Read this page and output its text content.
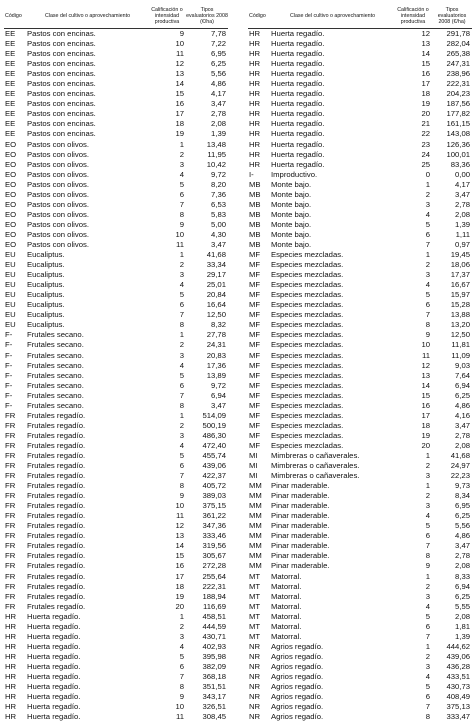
Código	Clase del cultivo o aprovechamiento	Calificación o intensidad productiva	Tipos evaluatorios 2008 (€/ha)
EE	Pastos con encinas.	9	7,78
EE	Pastos con encinas.	10	7,22
EE	Pastos con encinas.	11	6,95
EE	Pastos con encinas.	12	6,25
EE	Pastos con encinas.	13	5,56
EE	Pastos con encinas.	14	4,86
EE	Pastos con encinas.	15	4,17
EE	Pastos con encinas.	16	3,47
EE	Pastos con encinas.	17	2,78
EE	Pastos con encinas.	18	2,08
EE	Pastos con encinas.	19	1,39
EO	Pastos con olivos.	1	13,48
EO	Pastos con olivos.	2	11,95
EO	Pastos con olivos.	3	10,42
EO	Pastos con olivos.	4	9,72
EO	Pastos con olivos.	5	8,20
EO	Pastos con olivos.	6	7,36
EO	Pastos con olivos.	7	6,53
EO	Pastos con olivos.	8	5,83
EO	Pastos con olivos.	9	5,00
EO	Pastos con olivos.	10	4,30
EO	Pastos con olivos.	11	3,47
EU	Eucaliptus.	1	41,68
EU	Eucaliptus.	2	33,34
EU	Eucaliptus.	3	29,17
EU	Eucaliptus.	4	25,01
EU	Eucaliptus.	5	20,84
EU	Eucaliptus.	6	16,64
EU	Eucaliptus.	7	12,50
EU	Eucaliptus.	8	8,32
F-	Frutales secano.	1	27,78
F-	Frutales secano.	2	24,31
F-	Frutales secano.	3	20,83
F-	Frutales secano.	4	17,36
F-	Frutales secano.	5	13,89
F-	Frutales secano.	6	9,72
F-	Frutales secano.	7	6,94
F-	Frutales secano.	8	3,47
FR	Frutales regadío.	1	514,09
FR	Frutales regadío.	2	500,19
FR	Frutales regadío.	3	486,30
FR	Frutales regadío.	4	472,40
FR	Frutales regadío.	5	455,74
FR	Frutales regadío.	6	439,06
FR	Frutales regadío.	7	422,37
FR	Frutales regadío.	8	405,72
FR	Frutales regadío.	9	389,03
FR	Frutales regadío.	10	375,15
FR	Frutales regadío.	11	361,22
FR	Frutales regadío.	12	347,36
FR	Frutales regadío.	13	333,46
FR	Frutales regadío.	14	319,56
FR	Frutales regadío.	15	305,67
FR	Frutales regadío.	16	272,28
FR	Frutales regadío.	17	255,64
FR	Frutales regadío.	18	222,31
FR	Frutales regadío.	19	188,94
FR	Frutales regadío.	20	116,69
HR	Huerta regadío.	1	458,51
HR	Huerta regadío.	2	444,59
HR	Huerta regadío.	3	430,71
HR	Huerta regadío.	4	402,93
HR	Huerta regadío.	5	395,98
HR	Huerta regadío.	6	382,09
HR	Huerta regadío.	7	368,18
HR	Huerta regadío.	8	351,51
HR	Huerta regadío.	9	343,17
HR	Huerta regadío.	10	326,51
HR	Huerta regadío.	11	308,45
Código	Clase del cultivo o aprovechamiento	Calificación o intensidad productiva	Tipos evaluatorios 2008 (€/ha)
HR	Huerta regadío.	12	291,78
HR	Huerta regadío.	13	282,04
HR	Huerta regadío.	14	265,38
HR	Huerta regadío.	15	247,31
HR	Huerta regadío.	16	238,96
HR	Huerta regadío.	17	222,31
HR	Huerta regadío.	18	204,23
HR	Huerta regadío.	19	187,56
HR	Huerta regadío.	20	177,82
HR	Huerta regadío.	21	161,15
HR	Huerta regadío.	22	143,08
HR	Huerta regadío.	23	126,36
HR	Huerta regadío.	24	100,01
HR	Huerta regadío.	25	83,36
I-	Improductivo.	0	0,00
MB	Monte bajo.	1	4,17
MB	Monte bajo.	2	3,47
MB	Monte bajo.	3	2,78
MB	Monte bajo.	4	2,08
MB	Monte bajo.	5	1,39
MB	Monte bajo.	6	1,11
MB	Monte bajo.	7	0,97
MF	Especies mezcladas.	1	19,45
MF	Especies mezcladas.	2	18,06
MF	Especies mezcladas.	3	17,37
MF	Especies mezcladas.	4	16,67
MF	Especies mezcladas.	5	15,97
MF	Especies mezcladas.	6	15,28
MF	Especies mezcladas.	7	13,88
MF	Especies mezcladas.	8	13,20
MF	Especies mezcladas.	9	12,50
MF	Especies mezcladas.	10	11,81
MF	Especies mezcladas.	11	11,09
MF	Especies mezcladas.	12	9,03
MF	Especies mezcladas.	13	7,64
MF	Especies mezcladas.	14	6,94
MF	Especies mezcladas.	15	6,25
MF	Especies mezcladas.	16	4,86
MF	Especies mezcladas.	17	4,16
MF	Especies mezcladas.	18	3,47
MF	Especies mezcladas.	19	2,78
MF	Especies mezcladas.	20	2,08
MI	Mimbreras o cañaverales.	1	41,68
MI	Mimbreras o cañaverales.	2	24,97
MI	Mimbreras o cañaverales.	3	22,23
MM	Pinar maderable.	1	9,73
MM	Pinar maderable.	2	8,34
MM	Pinar maderable.	3	6,95
MM	Pinar maderable.	4	6,25
MM	Pinar maderable.	5	5,56
MM	Pinar maderable.	6	4,86
MM	Pinar maderable.	7	3,47
MM	Pinar maderable.	8	2,78
MM	Pinar maderable.	9	2,08
MT	Matorral.	1	8,33
MT	Matorral.	2	6,94
MT	Matorral.	3	6,25
MT	Matorral.	4	5,55
MT	Matorral.	5	2,08
MT	Matorral.	6	1,81
MT	Matorral.	7	1,39
NR	Agrios regadío.	1	444,62
NR	Agrios regadío.	2	439,06
NR	Agrios regadío.	3	436,28
NR	Agrios regadío.	4	433,51
NR	Agrios regadío.	5	430,73
NR	Agrios regadío.	6	408,49
NR	Agrios regadío.	7	375,13
NR	Agrios regadío.	8	333,47
